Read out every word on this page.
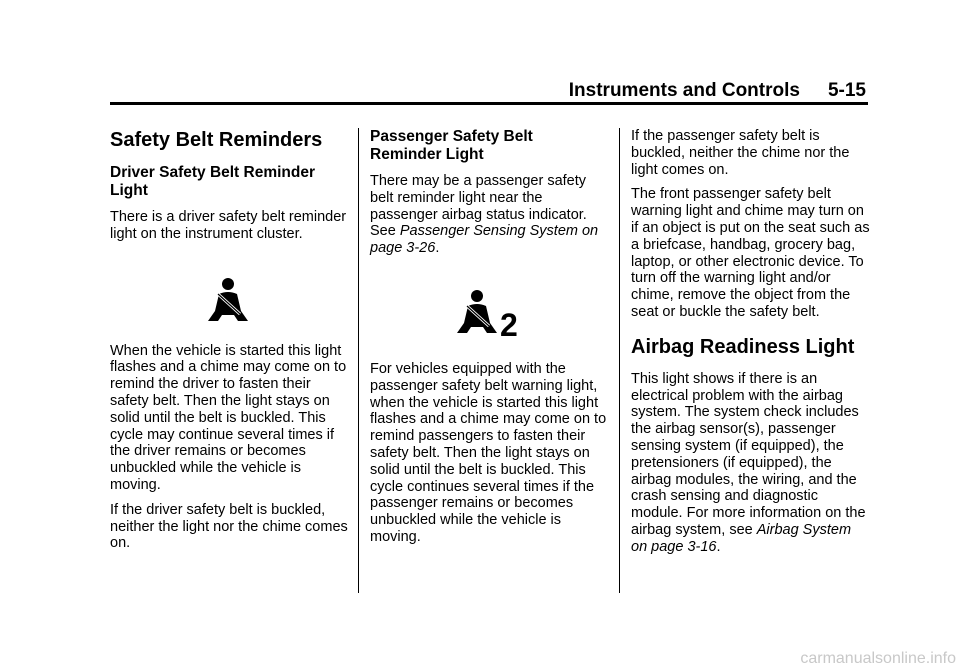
Instruments and Controls 5-15
Safety Belt Reminders
Driver Safety Belt Reminder Light

There is a driver safety belt reminder light on the instrument cluster.

When the vehicle is started this light flashes and a chime may come on to remind the driver to fasten their safety belt. Then the light stays on solid until the belt is buckled. This cycle may continue several times if the driver remains or becomes unbuckled while the vehicle is moving.

If the driver safety belt is buckled, neither the light nor the chime comes on.

Passenger Safety Belt Reminder Light

There may be a passenger safety belt reminder light near the passenger airbag status indicator. See Passenger Sensing System on page 3-26.

2

For vehicles equipped with the passenger safety belt warning light, when the vehicle is started this light flashes and a chime may come on to remind passengers to fasten their safety belt. Then the light stays on solid until the belt is buckled. This cycle continues several times if the passenger remains or becomes unbuckled while the vehicle is moving.

If the passenger safety belt is buckled, neither the chime nor the light comes on.

The front passenger safety belt warning light and chime may turn on if an object is put on the seat such as a briefcase, handbag, grocery bag, laptop, or other electronic device. To turn off the warning light and/or chime, remove the object from the seat or buckle the safety belt.

Airbag Readiness Light

This light shows if there is an electrical problem with the airbag system. The system check includes the airbag sensor(s), passenger sensing system (if equipped), the pretensioners (if equipped), the airbag modules, the wiring, and the crash sensing and diagnostic module. For more information on the airbag system, see Airbag System on page 3-16.

carmanualsonline.info
